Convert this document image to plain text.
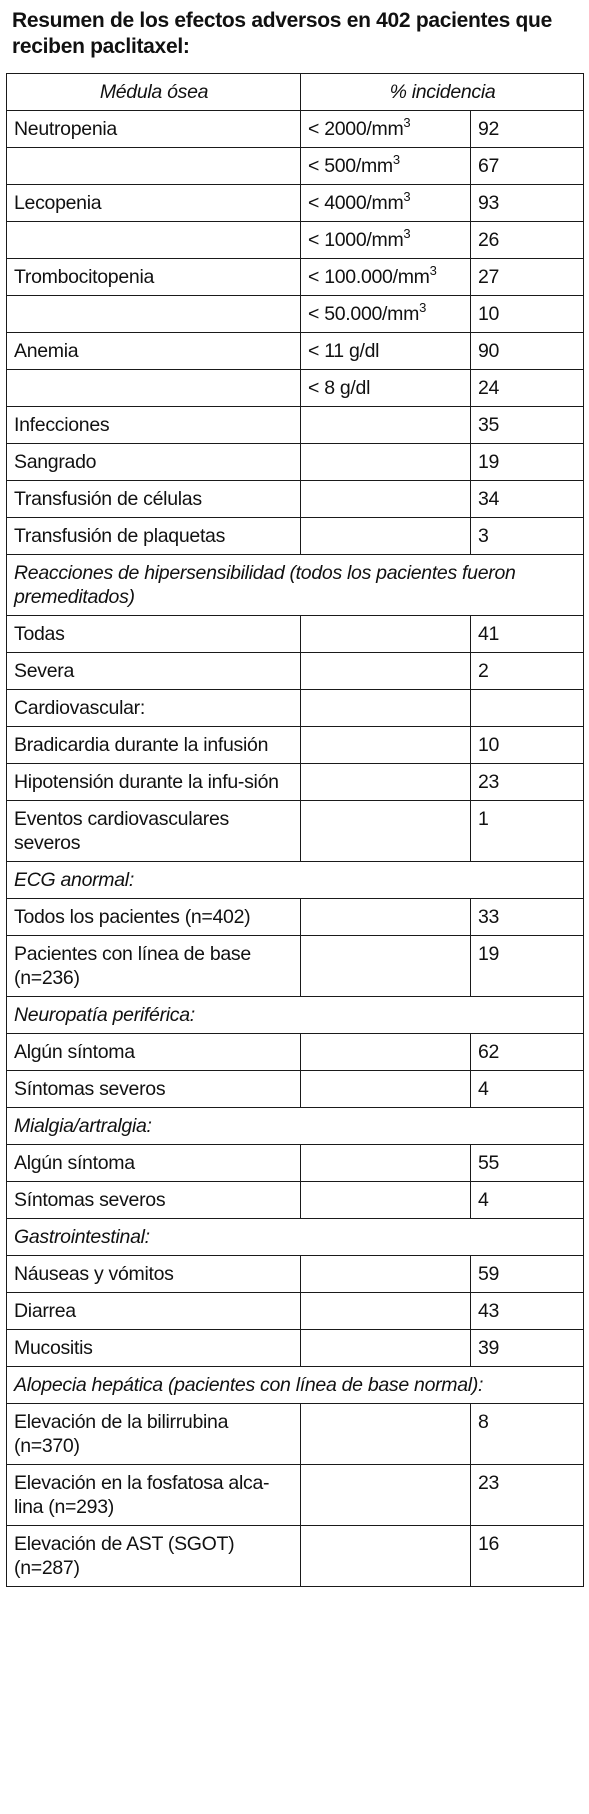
Resumen de los efectos adversos en 402 pacientes que reciben paclitaxel:
Médula ósea	% incidencia	
Neutropenia	< $2000/mm^3$	92
	< $500/mm^3$	67
Lecopenia	< $4000/mm^3$	93
	< $1000/mm^3$	26
Trombocitopenia	< $100.000/mm^3$	27
	< $50.000/mm^3$	10
Anemia	< 11 g/dl	90
	< 8 g/dl	24
Infecciones		35
Sangrado		19
Transfusión de células		34
Transfusión de plaquetas		3
Reacciones de hipersensibilidad (todos los pacientes fueron premeditados)		
Todas		41
Severa		2
Cardiovascular:		
Bradicardia durante la infusión		10
Hipotensión durante la infu-sión		23
Eventos cardiovasculares severos		1
ECG anormal:		
Todos los pacientes (n=402)		33
Pacientes con línea de base (n=236)		19
Neuropatía periférica:		
Algún síntoma		62
Síntomas severos		4
Mialgia/artralgia:		
Algún síntoma		55
Síntomas severos		4
Gastrointestinal:		
Náuseas y vómitos		59
Diarrea		43
Mucositis		39
Alopecia hepática (pacientes con línea de base normal):		
Elevación de la bilirrubina (n=370)		8
Elevación en la fosfatosa alca-lina (n=293)		23
Elevación de AST (SGOT) (n=287)		16
